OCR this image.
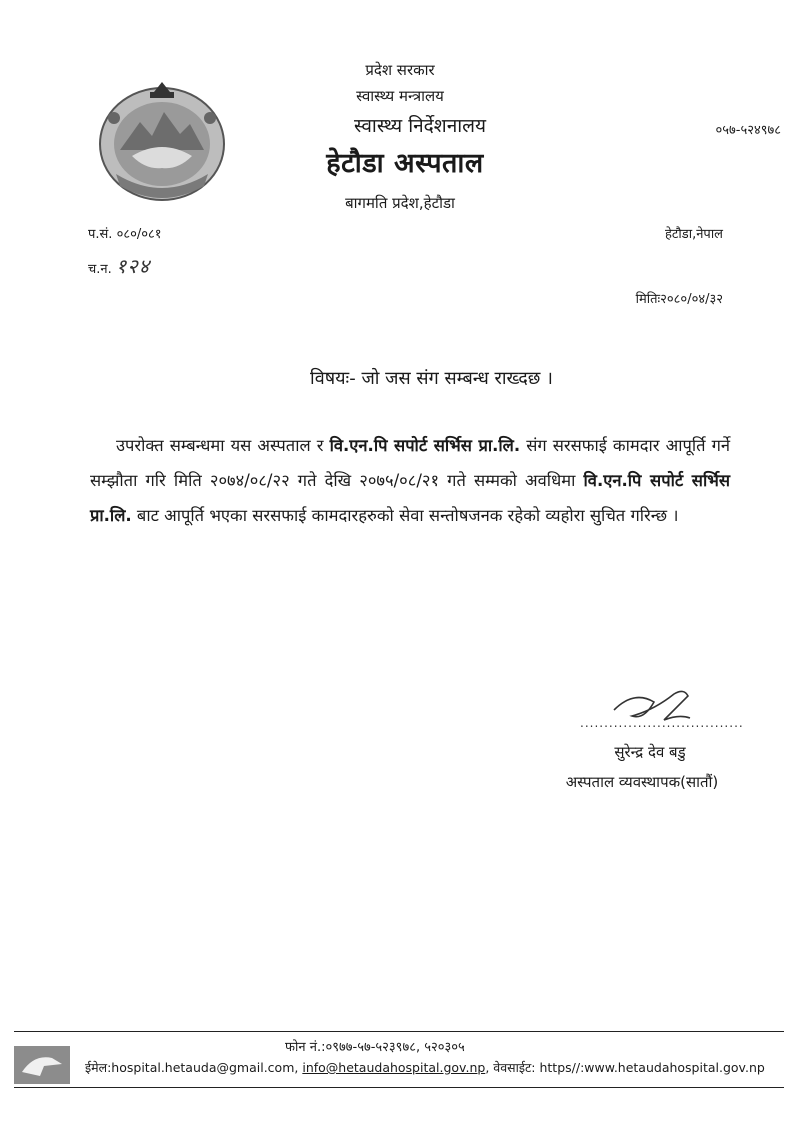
प्रदेश सरकार
स्वास्थ्य मन्त्रालय
स्वास्थ्य निर्देशनालय
हेटौडा अस्पताल
बागमति प्रदेश,हेटौडा
०५७-५२४९७८
प.सं. ०८०/०८१	हेटौडा,नेपाल
च.न. १२४
मितिः२०८०/०४/३२
विषयः- जो जस संग सम्बन्ध राख्दछ ।
उपरोक्त सम्बन्धमा यस अस्पताल र वि.एन.पि सपोर्ट सर्भिस प्रा.लि. संग सरसफाई कामदार आपूर्ति गर्ने सम्झौता गरि मिति २०७४/०८/२२ गते देखि २०७५/०८/२१ गते सम्मको अवधिमा वि.एन.पि सपोर्ट सर्भिस प्रा.लि. बाट आपूर्ति भएका सरसफाई कामदारहरुको सेवा सन्तोषजनक रहेको व्यहोरा सुचित गरिन्छ ।
..................................
सुरेन्द्र देव बडु
अस्पताल व्यवस्थापक(सातौं)
फोन नं.:०९७७-५७-५२३९७८, ५२०३०५
ईमेल:hospital.hetauda@gmail.com, info@hetaudahospital.gov.np, वेवसाईट: https//:www.hetaudahospital.gov.np
